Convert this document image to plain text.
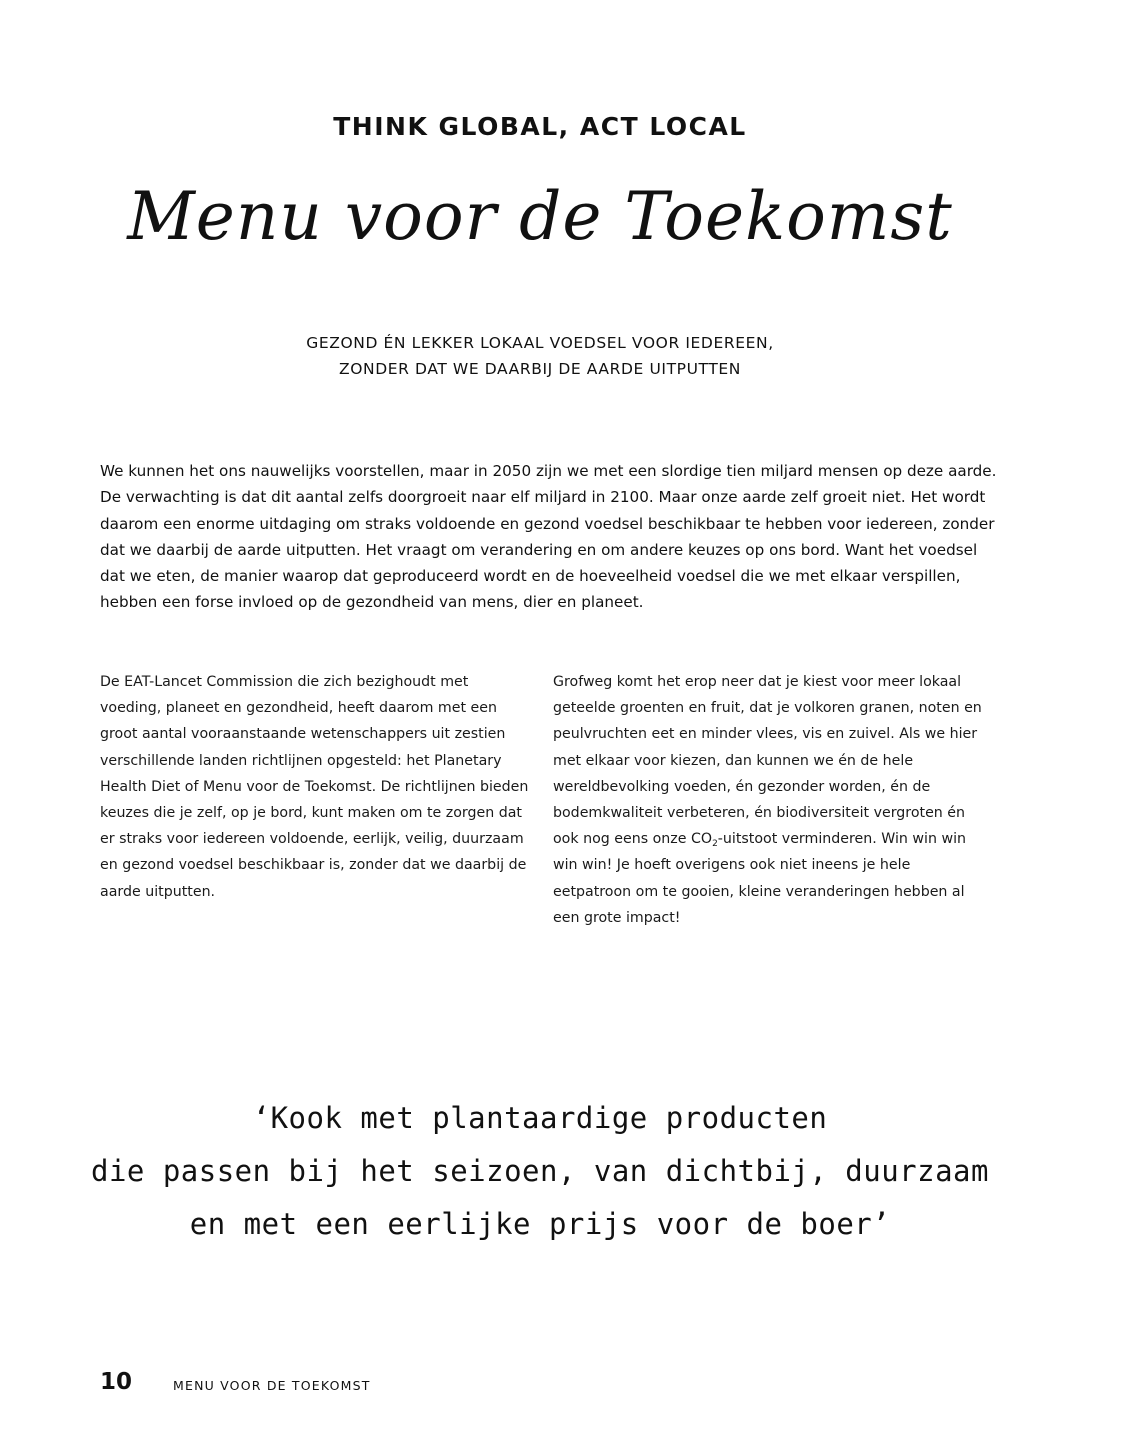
THINK GLOBAL, ACT LOCAL
Menu voor de Toekomst
GEZOND ÉN LEKKER LOKAAL VOEDSEL VOOR IEDEREEN,
ZONDER DAT WE DAARBIJ DE AARDE UITPUTTEN

We kunnen het ons nauwelijks voorstellen, maar in 2050 zijn we met een slordige tien miljard mensen op deze aarde. De verwachting is dat dit aantal zelfs doorgroeit naar elf miljard in 2100. Maar onze aarde zelf groeit niet. Het wordt daarom een enorme uitdaging om straks voldoende en gezond voedsel beschikbaar te hebben voor iedereen, zonder dat we daarbij de aarde uitputten. Het vraagt om verandering en om andere keuzes op ons bord. Want het voedsel dat we eten, de manier waarop dat geproduceerd wordt en de hoeveelheid voedsel die we met elkaar verspillen, hebben een forse invloed op de gezondheid van mens, dier en planeet.

De EAT-Lancet Commission die zich bezighoudt met voeding, planeet en gezondheid, heeft daarom met een groot aantal vooraanstaande wetenschappers uit zestien verschillende landen richtlijnen opgesteld: het Planetary Health Diet of Menu voor de Toekomst. De richtlijnen bieden keuzes die je zelf, op je bord, kunt maken om te zorgen dat er straks voor iedereen voldoende, eerlijk, veilig, duurzaam en gezond voedsel beschikbaar is, zonder dat we daarbij de aarde uitputten.

Grofweg komt het erop neer dat je kiest voor meer lokaal geteelde groenten en fruit, dat je volkoren granen, noten en peulvruchten eet en minder vlees, vis en zuivel. Als we hier met elkaar voor kiezen, dan kunnen we én de hele wereldbevolking voeden, én gezonder worden, én de bodemkwaliteit verbeteren, én biodiversiteit vergroten én ook nog eens onze $CO_2$-uitstoot verminderen. Win win win win win! Je hoeft overigens ook niet ineens je hele eetpatroon om te gooien, kleine veranderingen hebben al een grote impact!

‘Kook met plantaardige producten
die passen bij het seizoen, van dichtbij, duurzaam
en met een eerlijke prijs voor de boer’
10	MENU VOOR DE TOEKOMST
